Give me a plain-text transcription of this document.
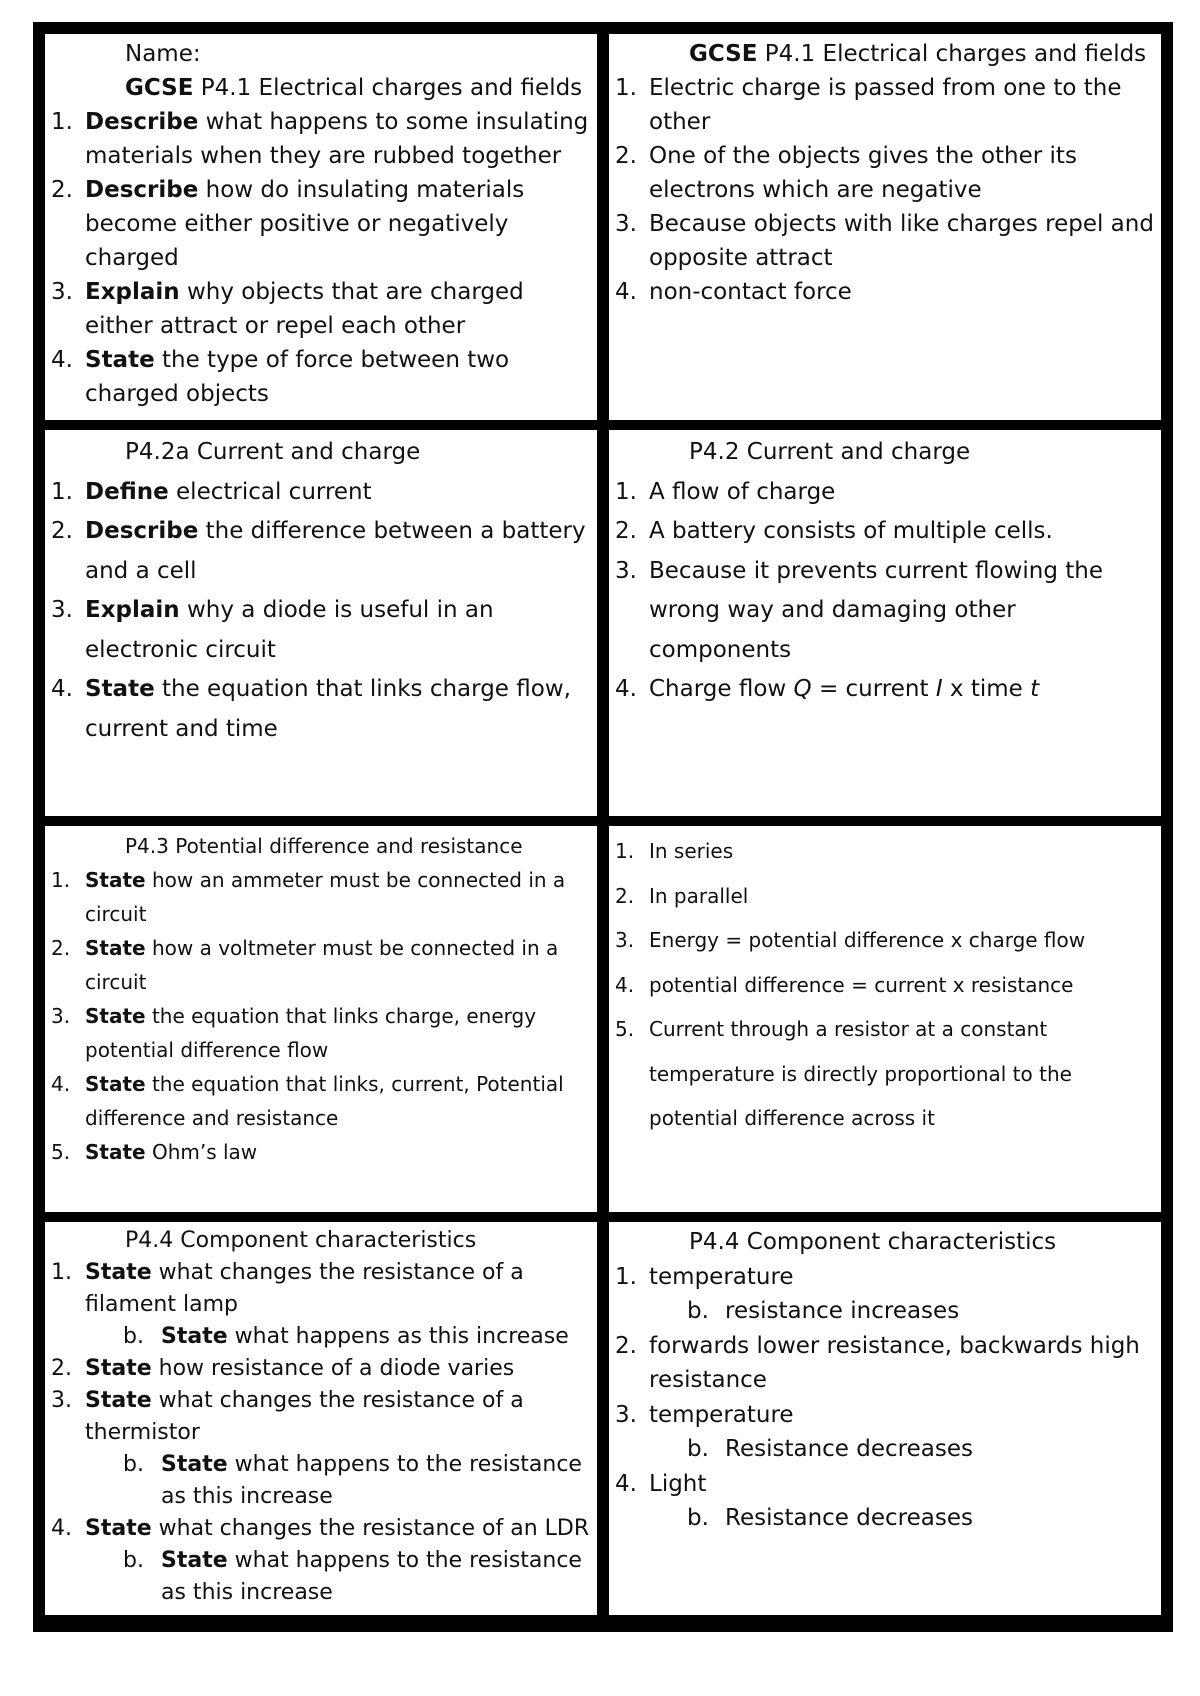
Name:
GCSE P4.1 Electrical charges and fields
1. Describe what happens to some insulating materials when they are rubbed together
2. Describe how do insulating materials become either positive or negatively charged
3. Explain why objects that are charged either attract or repel each other
4. State the type of force between two charged objects
GCSE P4.1 Electrical charges and fields
1. Electric charge is passed from one to the other
2. One of the objects gives the other its electrons which are negative
3. Because objects with like charges repel and opposite attract
4. non-contact force
P4.2a Current and charge
1. Define electrical current
2. Describe the difference between a battery and a cell
3. Explain why a diode is useful in an electronic circuit
4. State the equation that links charge flow, current and time
P4.2 Current and charge
1. A flow of charge
2. A battery consists of multiple cells.
3. Because it prevents current flowing the wrong way and damaging other components
4. Charge flow Q = current I x time t
P4.3 Potential difference and resistance
1. State how an ammeter must be connected in a circuit
2. State how a voltmeter must be connected in a circuit
3. State the equation that links charge, energy potential difference flow
4. State the equation that links, current, Potential difference and resistance
5. State Ohm’s law
1. In series
2. In parallel
3. Energy = potential difference x charge flow
4. potential difference = current x resistance
5. Current through a resistor at a constant temperature is directly proportional to the potential difference across it
P4.4 Component characteristics
1. State what changes the resistance of a filament lamp
b. State what happens as this increase
2. State how resistance of a diode varies
3. State what changes the resistance of a thermistor
b. State what happens to the resistance as this increase
4. State what changes the resistance of an LDR
b. State what happens to the resistance as this increase
P4.4 Component characteristics
1. temperature
b. resistance increases
2. forwards lower resistance, backwards high resistance
3. temperature
b. Resistance decreases
4. Light
b. Resistance decreases
